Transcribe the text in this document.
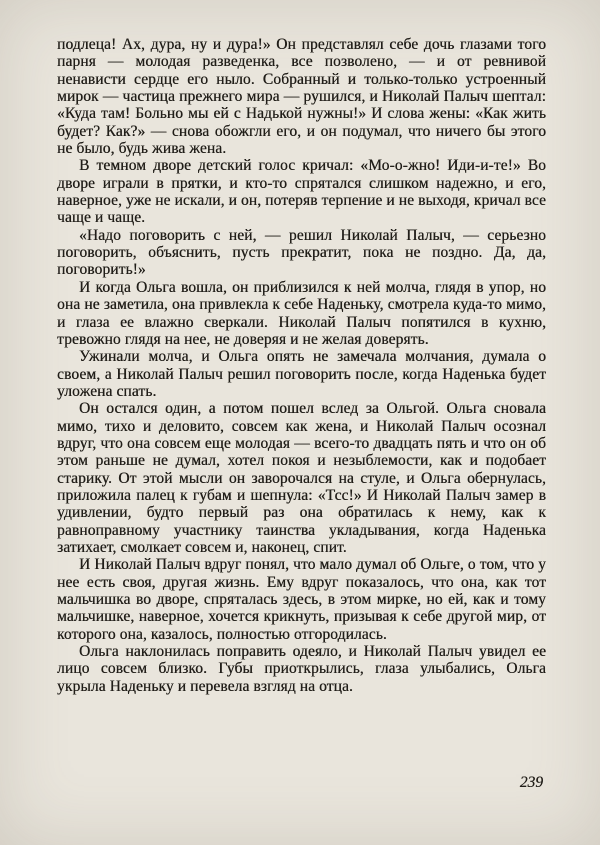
подлеца! Ах, дура, ну и дура!» Он представлял себе дочь глазами того парня — молодая разведенка, все позволено, — и от ревнивой ненависти сердце его ныло. Собранный и только-только устроенный мирок — частица прежнего мира — рушился, и Николай Палыч шептал: «Куда там! Больно мы ей с Надькой нужны!» И слова жены: «Как жить будет? Как?» — снова обожгли его, и он подумал, что ничего бы этого не было, будь жива жена.

В темном дворе детский голос кричал: «Мо-о-жно! Иди-и-те!» Во дворе играли в прятки, и кто-то спрятался слишком надежно, и его, наверное, уже не искали, и он, потеряв терпение и не выходя, кричал все чаще и чаще.

«Надо поговорить с ней, — решил Николай Палыч, — серьезно поговорить, объяснить, пусть прекратит, пока не поздно. Да, да, поговорить!»

И когда Ольга вошла, он приблизился к ней молча, глядя в упор, но она не заметила, она привлекла к себе Наденьку, смотрела куда-то мимо, и глаза ее влажно сверкали. Николай Палыч попятился в кухню, тревожно глядя на нее, не доверяя и не желая доверять.

Ужинали молча, и Ольга опять не замечала молчания, думала о своем, а Николай Палыч решил поговорить после, когда Наденька будет уложена спать.

Он остался один, а потом пошел вслед за Ольгой. Ольга сновала мимо, тихо и деловито, совсем как жена, и Николай Палыч осознал вдруг, что она совсем еще молодая — всего-то двадцать пять и что он об этом раньше не думал, хотел покоя и незыблемости, как и подобает старику. От этой мысли он заворочался на стуле, и Ольга обернулась, приложила палец к губам и шепнула: «Тсс!» И Николай Палыч замер в удивлении, будто первый раз она обратилась к нему, как к равноправному участнику таинства укладывания, когда Наденька затихает, смолкает совсем и, наконец, спит.

И Николай Палыч вдруг понял, что мало думал об Ольге, о том, что у нее есть своя, другая жизнь. Ему вдруг показалось, что она, как тот мальчишка во дворе, спряталась здесь, в этом мирке, но ей, как и тому мальчишке, наверное, хочется крикнуть, призывая к себе другой мир, от которого она, казалось, полностью отгородилась.

Ольга наклонилась поправить одеяло, и Николай Палыч увидел ее лицо совсем близко. Губы приоткрылись, глаза улыбались, Ольга укрыла Наденьку и перевела взгляд на отца.

239
